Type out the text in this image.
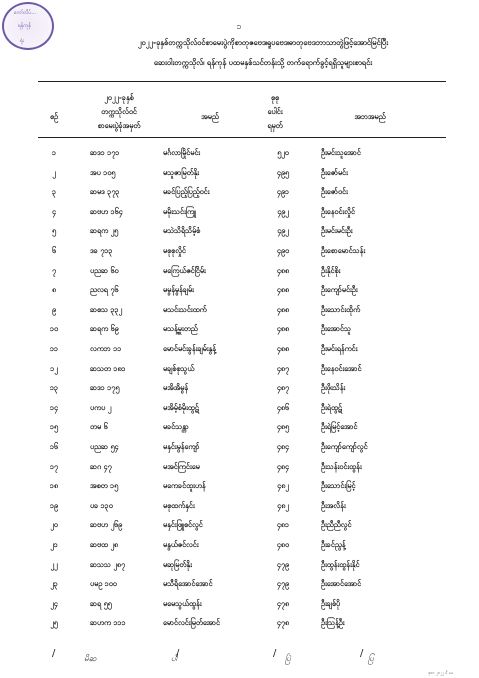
ကော်လိပ်...
ရန်ကုန်
ရုံး
၁
၂၀၂၂-ခုနှစ်တက္ကသိုလ်ဝင်စာမေးပွဲကိုစာတုဇဗေဒ၊ရူပဗေဒ၊ဓာတုဗေဒဘာသာတွဲဖြင့်အောင်မြင်ပြီး
ဆေးဝါးတက္ကသိုလ်၊ ရန်ကုန် ပထမနှစ်သင်တန်းသို့ တက်ရောက်ခွင့်ရရှိသူများစာရင်း
စဉ်
၂၀၂၂-ခုနှစ်
တက္ကသိုလ်ဝင်
စာမေးပွဲခုံအမှတ်
အမည်
စုစု
ပေါင်း
ရမှတ်
အဘအမည်
၁	ဆဒ၁ ၁၇၁	မင်္ဂလာမြိုင်မင်း	၅၂၀	ဦးမင်းသူအောင်
၂	အပ ၁၀၅	မသူဇာမြတ်နိုး	၄၉၅	ဦးဇော်မင်း
၃	ဆမဒ ၃၇၃	မခင်ပြည့်ပြည့်ဝင်း	၄၉၁	ဦးဇော်ဝင်း
၄	ဆဗဟ ၁၆၄	မမိုးသင်းကြူ	၄၉၂	ဦးနေဝင်းလှိုင်
၅	ဆရက ၂၅	မသဲသိရိသိမ့်စံ	၄၉၂	ဦးမင်းမင်းဦး
၆	ဒခ ၇၁၃	မစုစုလှိုင်	၄၉၀	ဦးစောမောင်သန်း
၇	ပညဆ ၆၀	မကြေယ်ဇင်ငြိမ်း	၄၈၈	ဦးနိုင်စိုး
၈	ညလရ ၇၆	မမွန်မွန်ချမ်း	၄၈၈	ဦးကျော်မင်းဦး
၉	ဆစသ ၃၃၂	မသင်းသင်းထက်	၄၈၈	ဦးသောင်းထိုက်
၁၀	ဆရက ၆၉	မသန့်မှူးတည်	၄၈၈	ဦးအောင်သူ
၁၁	လကဘ ၁၁	မောင်မင်းခွန်းချမ်းနွန့်	၄၈၈	ဦးမင်းရန်ကင်း
၁၂	ဆသတ ၁၈၁	မချစ်စုသွယ်	၄၈၇	ဦးနေဝင်းအောင်
၁၃	ဆဒ၁ ၁၇၅	မအိအိမွန်	၄၈၇	ဦးဖိုးသိန်း
၁၄	ပကပ ၂	မအိမ့်စံမိုးထွဋ်	၄၈၆	ဦးရဲထွဋ်
၁၅	တမ ၆	မခင်သန္တာ	၄၈၅	ဦးရဲမြင့်အောင်
၁၆	ပညဆ ၅၄	မနှင်းမွန်ကျော်	၄၈၄	ဦးကျော်ကျော်လွင်
၁၇	ဆဂ ၄၇	မအင်ကြင်းမေ	၄၈၄	ဦးသန်းဝင်းထွန်း
၁၈	အစတ ၁၅	မကေခင်ထူးဟန်	၄၈၂	ဦးသောင်းမြင့်
၁၉	ပခ ၁၃၀	မစုထက်နှင်း	၄၈၂	ဦးအလိန်း
၂၀	ဆဗဟ ၂၆၉	မနှင်းဖြူစင်လွင်	၄၈၁	ဦးညီညီလွင်
၂၁	ဆဗထ ၂၈	မနွယ်ဇင်လင်း	၄၈၀	ဦးခင်ညွန့်
၂၂	ဆသသ ၂၈၇	မဆုမြတ်နိုး	၄၇၉	ဦးထွန်းထွန်းနိုင်
၂၃	ပမဥ ၁၀၀	မသီရိအောင်အောင်	၄၇၉	ဦးအောင်အောင်
၂၄	ဆရ ၅၅	မမေသွယ်ထွန်း	၄၇၈	ဦးချစ်ပို
၂၅	ဆဟက ၁၁၁	မောင်လင်းမြတ်အောင်	၄၇၈	ဦးဩန့်ဦး
/	မိဆ	/
ပါ	/ ပြဲ	/ ပြ
ဒု၀၀ ၂၀၂၂ မီ မမ
